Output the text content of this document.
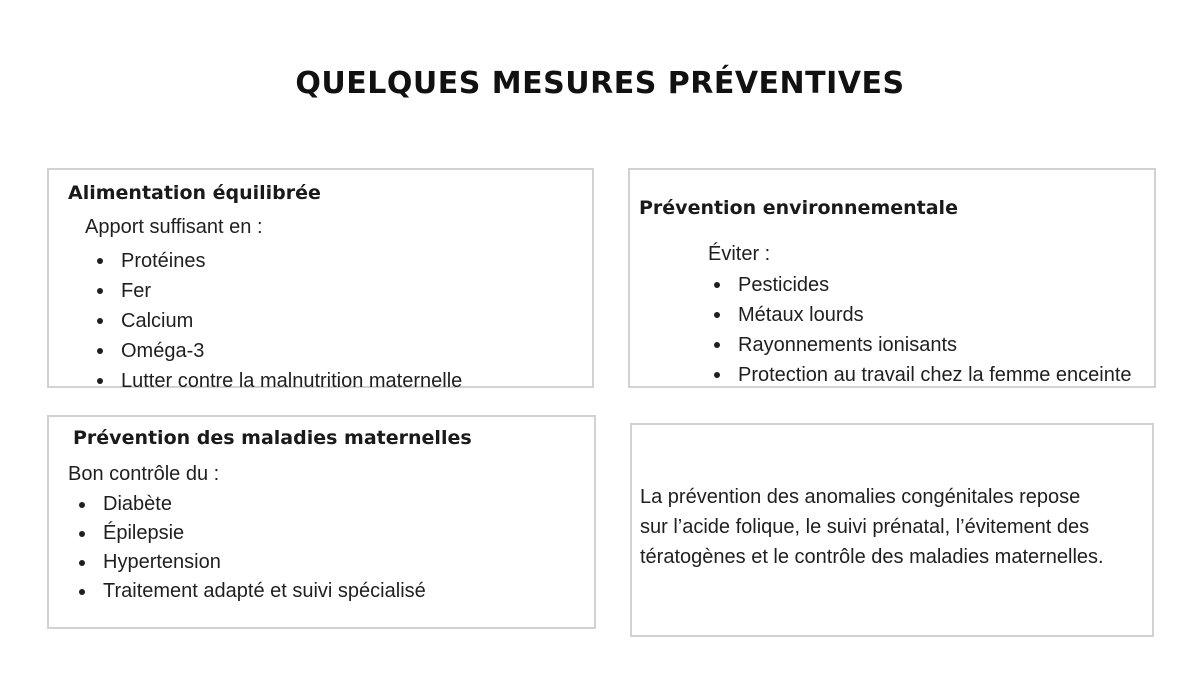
QUELQUES MESURES PRÉVENTIVES
Alimentation équilibrée
Apport suffisant en :
Protéines
Fer
Calcium
Oméga-3
Lutter contre la malnutrition maternelle
Prévention environnementale
Éviter :
Pesticides
Métaux lourds
Rayonnements ionisants
Protection au travail chez la femme enceinte
Prévention des maladies maternelles
Bon contrôle du :
Diabète
Épilepsie
Hypertension
Traitement adapté et suivi spécialisé
La prévention des anomalies congénitales repose
sur l’acide folique, le suivi prénatal, l’évitement des
tératogènes et le contrôle des maladies maternelles.
